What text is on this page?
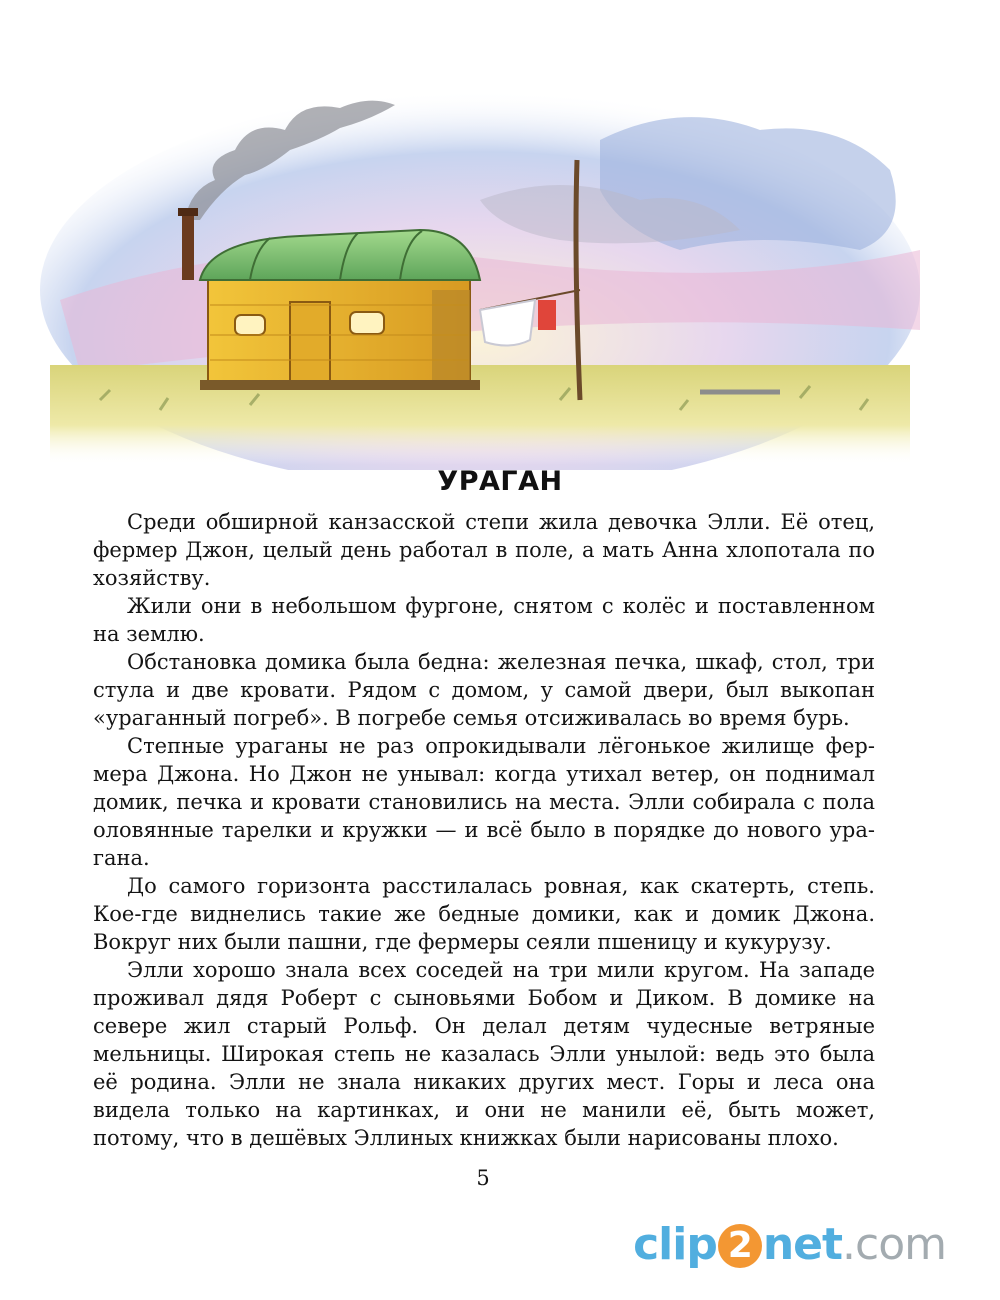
УРАГАН

Среди обширной канзасской степи жила девочка Элли. Её отец, фермер Джон, целый день работал в поле, а мать Анна хлопотала по хозяйству.

Жили они в небольшом фургоне, снятом с колёс и поставленном на землю.

Обстановка домика была бедна: железная печка, шкаф, стол, три стула и две кровати. Рядом с домом, у самой двери, был выкопан «ураганный погреб». В погребе семья отсиживалась во время бурь.

Степные ураганы не раз опрокидывали лёгонькое жилище фермера Джона. Но Джон не унывал: когда утихал ветер, он поднимал домик, печка и кровати становились на места. Элли собирала с пола оловянные тарелки и кружки — и всё было в порядке до нового урагана.

До самого горизонта расстилалась ровная, как скатерть, степь. Кое-где виднелись такие же бедные домики, как и домик Джона. Вокруг них были пашни, где фермеры сеяли пшеницу и кукурузу.

Элли хорошо знала всех соседей на три мили кругом. На западе проживал дядя Роберт с сыновьями Бобом и Диком. В домике на севере жил старый Рольф. Он делал детям чудесные ветряные мельницы. Широкая степь не казалась Элли унылой: ведь это была её родина. Элли не знала никаких других мест. Горы и леса она видела только на картинках, и они не манили её, быть может, потому, что в дешёвых Эллиных книжках были нарисованы плохо.

5
clip 2 net.com
